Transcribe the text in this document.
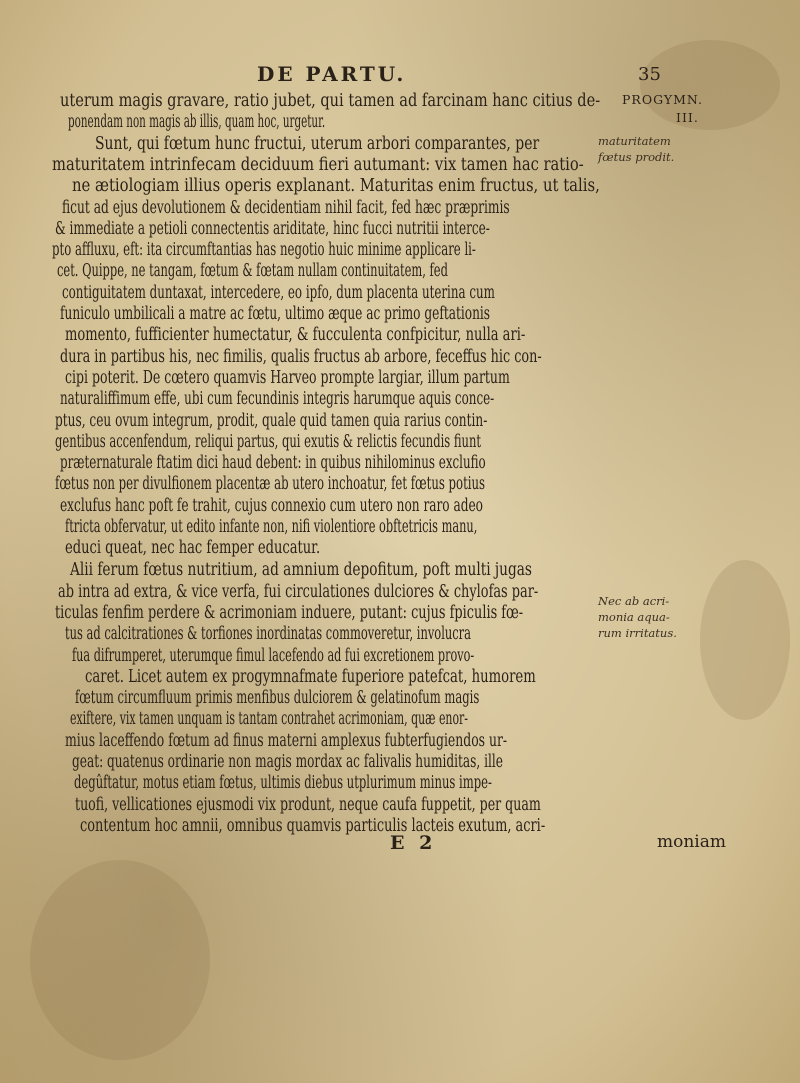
DE PARTU.	35
PROGYMN.
III.
maturitatem
fœtus prodit.
Nec ab acri-
monia aqua-
rum irritatus.
uterum magis gravare, ratio jubet, qui tamen ad farcinam hanc citius de-
ponendam non magis ab illis, quam hoc, urgetur.
Sunt, qui fœtum hunc fructui, uterum arbori comparantes, per
maturitatem intrinfecam deciduum fieri autumant: vix tamen hac ratio-
ne ætiologiam illius operis explanant. Maturitas enim fructus, ut talis,
ficut ad ejus devolutionem & decidentiam nihil facit, fed hæc præprimis
& immediate a petioli connectentis ariditate, hinc fucci nutritii interce-
pto affluxu, eft: ita circumftantias has negotio huic minime applicare li-
cet. Quippe, ne tangam, fœtum & fœtam nullam continuitatem, fed
contiguitatem duntaxat, intercedere, eo ipfo, dum placenta uterina cum
funiculo umbilicali a matre ac fœtu, ultimo æque ac primo geftationis
momento, fufficienter humectatur, & fucculenta confpicitur, nulla ari-
dura in partibus his, nec fimilis, qualis fructus ab arbore, feceffus hic con-
cipi poterit. De cœtero quamvis Harveo prompte largiar, illum partum
naturaliffimum effe, ubi cum fecundinis integris harumque aquis conce-
ptus, ceu ovum integrum, prodit, quale quid tamen quia rarius contin-
gentibus accenfendum, reliqui partus, qui exutis & relictis fecundis fiunt
præternaturale ftatim dici haud debent: in quibus nihilominus exclufio
fœtus non per divulfionem placentæ ab utero inchoatur, fet fœtus potius
exclufus hanc poft fe trahit, cujus connexio cum utero non raro adeo
ftricta obfervatur, ut edito infante non, nifi violentiore obftetricis manu,
educi queat, nec hac femper educatur.
Alii ferum fœtus nutritium, ad amnium depofitum, poft multi jugas
ab intra ad extra, & vice verfa, fui circulationes dulciores & chylofas par-
ticulas fenfim perdere & acrimoniam induere, putant: cujus fpiculis fœ-
tus ad calcitrationes & torfiones inordinatas commoveretur, involucra
fua difrumperet, uterumque fimul lacefendo ad fui excretionem provo-
caret. Licet autem ex progymnafmate fuperiore patefcat, humorem
fœtum circumfluum primis menfibus dulciorem & gelatinofum magis
exiftere, vix tamen unquam is tantam contrahet acrimoniam, quæ enor-
mius laceffendo fœtum ad finus materni amplexus fubterfugiendos ur-
geat: quatenus ordinarie non magis mordax ac falivalis humiditas, ille
degûftatur, motus etiam fœtus, ultimis diebus utplurimum minus impe-
tuofi, vellicationes ejusmodi vix produnt, neque caufa fuppetit, per quam
contentum hoc amnii, omnibus quamvis particulis lacteis exutum, acri-
E 2	moniam
